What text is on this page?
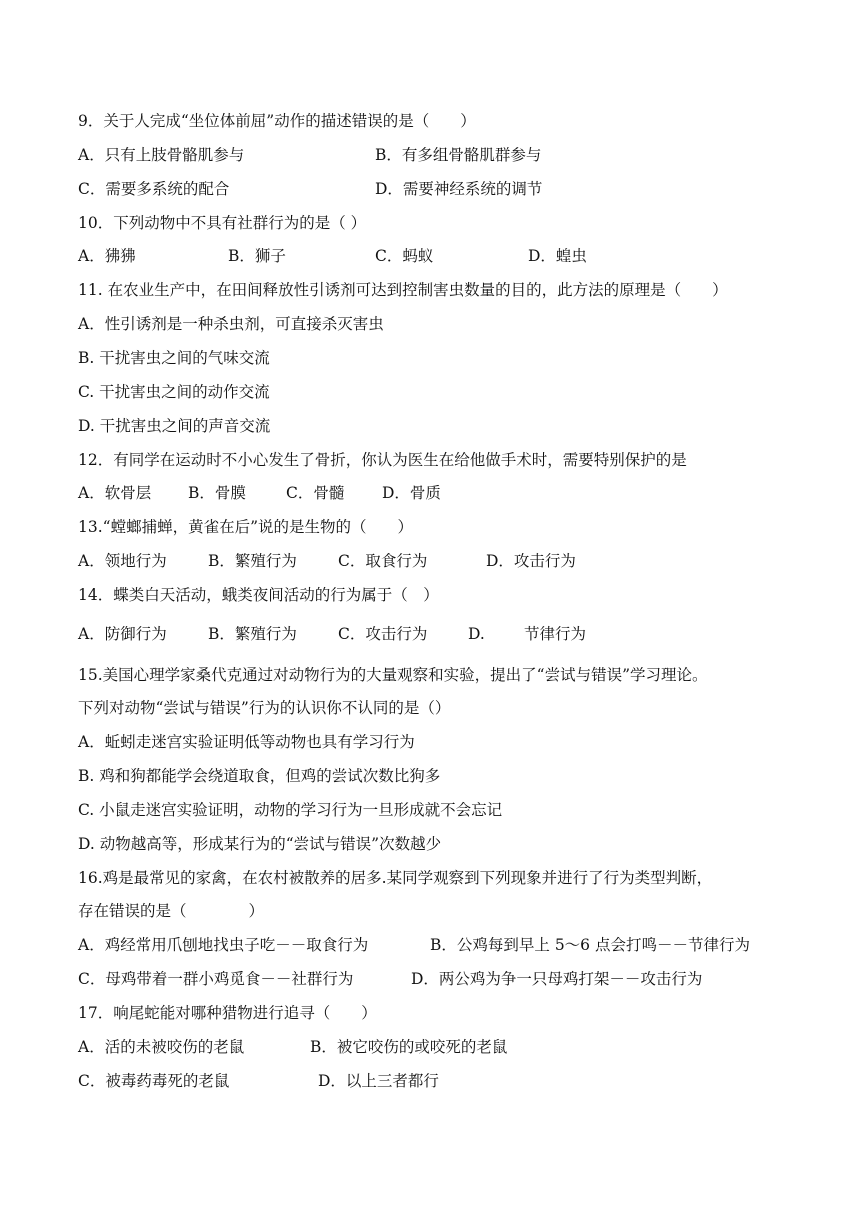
9．关于人完成“坐位体前屈”动作的描述错误的是（　　）

A．只有上肢骨骼肌参与	B．有多组骨骼肌群参与

C．需要多系统的配合	D．需要神经系统的调节

10．下列动物中不具有社群行为的是（ ）

A．狒狒	B．狮子	C．蚂蚁	D．蝗虫

11. 在农业生产中，在田间释放性引诱剂可达到控制害虫数量的目的，此方法的原理是（　　）

A．性引诱剂是一种杀虫剂，可直接杀灭害虫

B. 干扰害虫之间的气味交流

C. 干扰害虫之间的动作交流

D. 干扰害虫之间的声音交流

12．有同学在运动时不小心发生了骨折，你认为医生在给他做手术时，需要特别保护的是

A．软骨层 B．骨膜	C．骨髓 D．骨质

13.“螳螂捕蝉，黄雀在后”说的是生物的（　　）

A．领地行为	B．繁殖行为	C．取食行为	D．攻击行为

14．蝶类白天活动，蛾类夜间活动的行为属于（　）

A．防御行为	B．繁殖行为	C．攻击行为	D.	节律行为

15.美国心理学家桑代克通过对动物行为的大量观察和实验，提出了“尝试与错误”学习理论。

下列对动物“尝试与错误”行为的认识你不认同的是（）

A．蚯蚓走迷宫实验证明低等动物也具有学习行为

B. 鸡和狗都能学会绕道取食，但鸡的尝试次数比狗多

C. 小鼠走迷宫实验证明，动物的学习行为一旦形成就不会忘记

D. 动物越高等，形成某行为的“尝试与错误”次数越少

16.鸡是最常见的家禽，在农村被散养的居多.某同学观察到下列现象并进行了行为类型判断，

存在错误的是（　　　　）

A．鸡经常用爪刨地找虫子吃－－取食行为	B．公鸡每到早上 5～6 点会打鸣－－节律行为

C．母鸡带着一群小鸡觅食－－社群行为	D．两公鸡为争一只母鸡打架－－攻击行为

17．响尾蛇能对哪种猎物进行追寻（　　）

A．活的未被咬伤的老鼠	B．被它咬伤的或咬死的老鼠

C．被毒药毒死的老鼠	D．以上三者都行
